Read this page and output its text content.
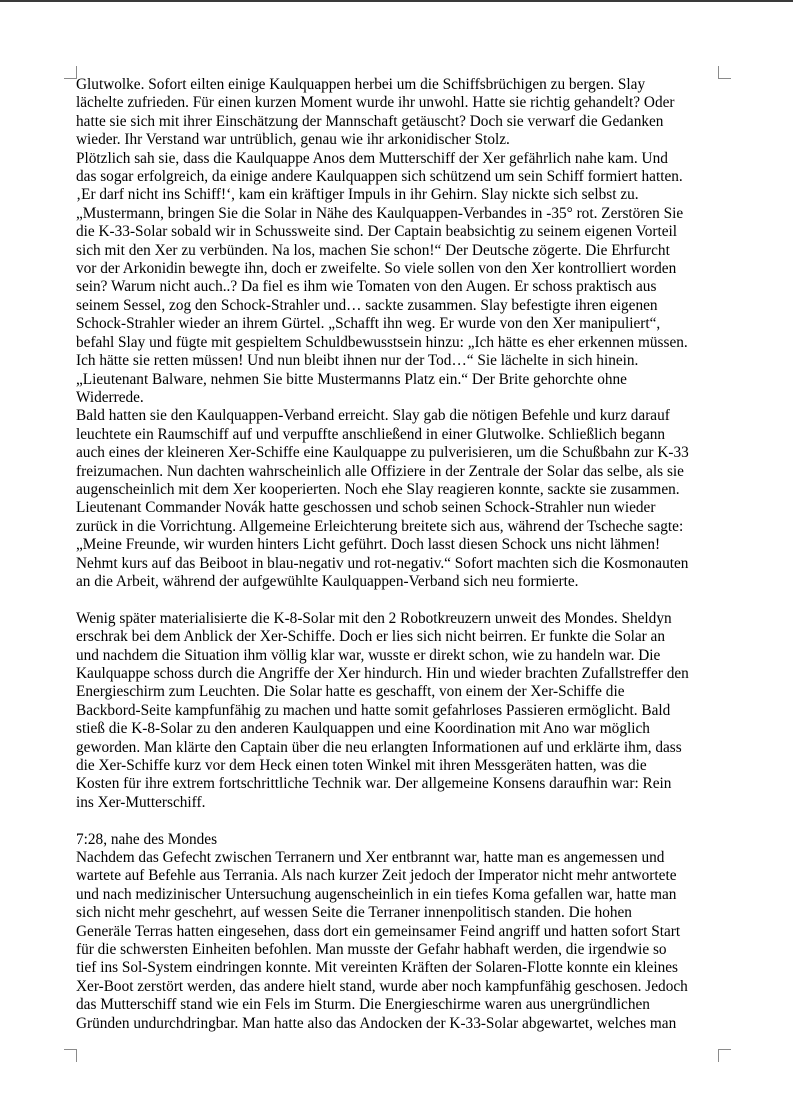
Glutwolke. Sofort eilten einige Kaulquappen herbei um die Schiffsbrüchigen zu bergen. Slay

lächelte zufrieden. Für einen kurzen Moment wurde ihr unwohl. Hatte sie richtig gehandelt? Oder

hatte sie sich mit ihrer Einschätzung der Mannschaft getäuscht? Doch sie verwarf die Gedanken

wieder. Ihr Verstand war untrüblich, genau wie ihr arkonidischer Stolz.

Plötzlich sah sie, dass die Kaulquappe Anos dem Mutterschiff der Xer gefährlich nahe kam. Und

das sogar erfolgreich, da einige andere Kaulquappen sich schützend um sein Schiff formiert hatten.

‚Er darf nicht ins Schiff!‘, kam ein kräftiger Impuls in ihr Gehirn. Slay nickte sich selbst zu.

„Mustermann, bringen Sie die Solar in Nähe des Kaulquappen-Verbandes in -35° rot. Zerstören Sie

die K-33-Solar sobald wir in Schussweite sind. Der Captain beabsichtig zu seinem eigenen Vorteil

sich mit den Xer zu verbünden. Na los, machen Sie schon!“ Der Deutsche zögerte. Die Ehrfurcht

vor der Arkonidin bewegte ihn, doch er zweifelte. So viele sollen von den Xer kontrolliert worden

sein? Warum nicht auch..? Da fiel es ihm wie Tomaten von den Augen. Er schoss praktisch aus

seinem Sessel, zog den Schock-Strahler und… sackte zusammen. Slay befestigte ihren eigenen

Schock-Strahler wieder an ihrem Gürtel. „Schafft ihn weg. Er wurde von den Xer manipuliert“,

befahl Slay und fügte mit gespieltem Schuldbewusstsein hinzu: „Ich hätte es eher erkennen müssen.

Ich hätte sie retten müssen! Und nun bleibt ihnen nur der Tod…“ Sie lächelte in sich hinein.

„Lieutenant Balware, nehmen Sie bitte Mustermanns Platz ein.“ Der Brite gehorchte ohne

Widerrede.

Bald hatten sie den Kaulquappen-Verband erreicht. Slay gab die nötigen Befehle und kurz darauf

leuchtete ein Raumschiff auf und verpuffte anschließend in einer Glutwolke. Schließlich begann

auch eines der kleineren Xer-Schiffe eine Kaulquappe zu pulverisieren, um die Schußbahn zur K-33

freizumachen. Nun dachten wahrscheinlich alle Offiziere in der Zentrale der Solar das selbe, als sie

augenscheinlich mit dem Xer kooperierten. Noch ehe Slay reagieren konnte, sackte sie zusammen.

Lieutenant Commander Novák hatte geschossen und schob seinen Schock-Strahler nun wieder

zurück in die Vorrichtung. Allgemeine Erleichterung breitete sich aus, während der Tscheche sagte:

„Meine Freunde, wir wurden hinters Licht geführt. Doch lasst diesen Schock uns nicht lähmen!

Nehmt kurs auf das Beiboot in blau-negativ und rot-negativ.“ Sofort machten sich die Kosmonauten

an die Arbeit, während der aufgewühlte Kaulquappen-Verband sich neu formierte.

Wenig später materialisierte die K-8-Solar mit den 2 Robotkreuzern unweit des Mondes. Sheldyn

erschrak bei dem Anblick der Xer-Schiffe. Doch er lies sich nicht beirren. Er funkte die Solar an

und nachdem die Situation ihm völlig klar war, wusste er direkt schon, wie zu handeln war. Die

Kaulquappe schoss durch die Angriffe der Xer hindurch. Hin und wieder brachten Zufallstreffer den

Energieschirm zum Leuchten. Die Solar hatte es geschafft, von einem der Xer-Schiffe die

Backbord-Seite kampfunfähig zu machen und hatte somit gefahrloses Passieren ermöglicht. Bald

stieß die K-8-Solar zu den anderen Kaulquappen und eine Koordination mit Ano war möglich

geworden. Man klärte den Captain über die neu erlangten Informationen auf und erklärte ihm, dass

die Xer-Schiffe kurz vor dem Heck einen toten Winkel mit ihren Messgeräten hatten, was die

Kosten für ihre extrem fortschrittliche Technik war. Der allgemeine Konsens daraufhin war: Rein

ins Xer-Mutterschiff.

7:28, nahe des Mondes

Nachdem das Gefecht zwischen Terranern und Xer entbrannt war, hatte man es angemessen und

wartete auf Befehle aus Terrania. Als nach kurzer Zeit jedoch der Imperator nicht mehr antwortete

und nach medizinischer Untersuchung augenscheinlich in ein tiefes Koma gefallen war, hatte man

sich nicht mehr geschehrt, auf wessen Seite die Terraner innenpolitisch standen. Die hohen

Generäle Terras hatten eingesehen, dass dort ein gemeinsamer Feind angriff und hatten sofort Start

für die schwersten Einheiten befohlen. Man musste der Gefahr habhaft werden, die irgendwie so

tief ins Sol-System eindringen konnte. Mit vereinten Kräften der Solaren-Flotte konnte ein kleines

Xer-Boot zerstört werden, das andere hielt stand, wurde aber noch kampfunfähig geschosen. Jedoch

das Mutterschiff stand wie ein Fels im Sturm. Die Energieschirme waren aus unergründlichen

Gründen undurchdringbar. Man hatte also das Andocken der K-33-Solar abgewartet, welches man
